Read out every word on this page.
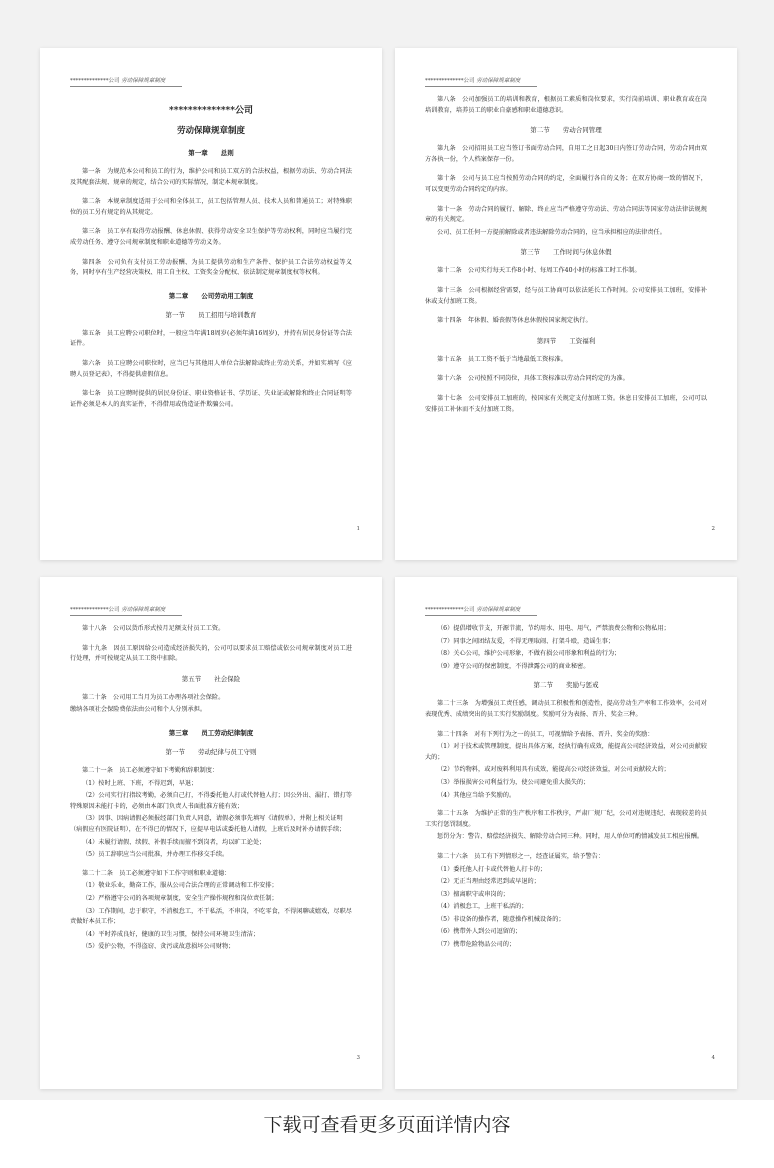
**************公司 劳动保障规章制度
**************公司
劳动保障规章制度
第一章　　总则

第一条　为规范本公司和员工的行为，维护公司和员工双方的合法权益，根据劳动法、劳动合同法及其配套法规、规章的规定，结合公司的实际情况，制定本规章制度。

第二条　本规章制度适用于公司和全体员工，员工包括管理人员、技术人员和普通员工；对特殊职位的员工另有规定的从其规定。

第三条　员工享有取得劳动报酬、休息休假、获得劳动安全卫生保护等劳动权利，同时应当履行完成劳动任务、遵守公司规章制度和职业道德等劳动义务。

第四条　公司负有支付员工劳动报酬、为员工提供劳动和生产条件、保护员工合法劳动权益等义务，同时享有生产经营决策权、用工自主权、工资奖金分配权、依法制定规章制度权等权利。

第二章　　公司劳动用工制度
第一节　　员工招用与培训教育

第五条　员工应聘公司职位时，一般应当年满18周岁(必须年满16周岁)，并持有居民身份证等合法证件。

第六条　员工应聘公司职位时，应当已与其他用人单位合法解除或终止劳动关系，并如实填写《应聘人员登记表》，不得提供虚假信息。

第七条　员工应聘时提供的居民身份证、职业资格证书、学历证、失业证或解除和终止合同证明等证件必须是本人的真实证件，不得借用或伪造证件欺骗公司。

1
**************公司 劳动保障规章制度

第八条　公司加强员工的培训和教育，根据员工素质和岗位要求，实行岗前培训、职业教育或在岗培训教育，培养员工的职业自豪感和职业道德意识。

第二节　　劳动合同管理

第九条　公司招用员工应当签订书面劳动合同，自用工之日起30日内签订劳动合同，劳动合同由双方各执一份，个人档案保存一份。

第十条　公司与员工应当按照劳动合同的约定，全面履行各自的义务；在双方协商一致的情况下，可以变更劳动合同约定的内容。

第十一条　劳动合同的履行、解除、终止应当严格遵守劳动法、劳动合同法等国家劳动法律法规规章的有关规定。

公司、员工任何一方提前解除或者违法解除劳动合同的，应当承担相应的法律责任。

第三节　　工作时间与休息休假

第十二条　公司实行每天工作8小时、每周工作40小时的标准工时工作制。

第十三条　公司根据经营需要，经与员工协商可以依法延长工作时间。公司安排员工加班，安排补休或支付加班工资。

第十四条　年休假、婚丧假等休息休假按国家规定执行。

第四节　　工资福利

第十五条　员工工资不低于当地最低工资标准。

第十六条　公司按照不同岗位，具体工资标准以劳动合同约定的为准。

第十七条　公司安排员工加班的，按国家有关规定支付加班工资。休息日安排员工加班，公司可以安排员工补休而不支付加班工资。

2
**************公司 劳动保障规章制度

第十八条　公司以货币形式按月足额支付员工工资。

第十九条　因员工原因给公司造成经济损失的，公司可以要求员工赔偿或依公司规章制度对员工进行处理，并可按规定从员工工资中扣除。

第五节　　社会保险

第二十条　公司用工当月为员工办理各项社会保险。

缴纳各项社会保险费依法由公司和个人分别承担。

第三章　　员工劳动纪律制度
第一节　　劳动纪律与员工守则

第二十一条　员工必须遵守如下考勤和辞职制度：

（1）按时上班、下班，不得迟到，早退；

（2）公司实行打指纹考勤，必须自己打，不得委托他人打或代替他人打；因公外出、漏打、错打等特殊原因未能打卡的，必须由本部门负责人书面批准方能有效；

（3）因事、因病请假必须报经部门负责人同意，请假必须事先填写《请假单》，并附上相关证明（病假应有医院证明），在不得已的情况下，应提早电话或委托他人请假，上班后及时补办请假手续；

（4）未履行请假、续假、补假手续而擅不到岗者，均以旷工论处；

（5）员工辞职应当公司批准，并办理工作移交手续。

第二十二条　员工必须遵守如下工作守则和职业道德：

（1）敬业乐业，勤奋工作，服从公司合法合理的正常调动和工作安排；

（2）严格遵守公司的各项规章制度，安全生产操作规程和岗位责任制；

（3）工作期间，忠于职守，不消极怠工，不干私活，不串岗，不吃零食，不得闲聊或嬉戏，尽职尽责做好本员工作；

（4）平时养成良好，健康的卫生习惯，保持公司环境卫生清洁；

（5）爱护公物，不得盗窃、贪污或故意损坏公司财物；

3
**************公司 劳动保障规章制度

（6）提倡增收节支，开源节流，节约用水、用电、用气，严禁浪费公物和公物私用；

（7）同事之间团结友爱，不得无理取闹、打架斗殴，造谣生事；

（8）关心公司，维护公司形象，不做有损公司形象和利益的行为；

（9）遵守公司的保密制度，不得泄露公司的商业秘密。

第二节　　奖励与惩戒

第二十三条　为增强员工责任感，调动员工积极性和创造性，提高劳动生产率和工作效率，公司对表现优秀、成绩突出的员工实行奖励制度。奖励可分为表扬、晋升、奖金三种。

第二十四条　对有下列行为之一的员工，可视情给予表扬、晋升、奖金的奖励：

（1）对于技术或管理制度，提出具体方案，经执行确有成效，能提高公司经济效益，对公司贡献较大的；

（2）节约物料，或对废料利用具有成效，能提高公司经济效益，对公司贡献较大的；

（3）举报损害公司利益行为，使公司避免重大损失的；

（4）其他应当给予奖励的。

第二十五条　为维护正常的生产秩序和工作秩序，严肃厂规厂纪，公司对违规违纪、表现较差的员工实行惩罚制度。

惩罚分为：警告、赔偿经济损失、解除劳动合同三种。同时，用人单位可酌情减发员工相应报酬。

第二十六条　员工有下列情形之一，经查证属实，给予警告：

（1）委托他人打卡或代替他人打卡的；

（2）无正当理由经常迟到或早退的；

（3）擅离职守或串岗的；

（4）消极怠工，上班干私活的；

（5）非设备的操作者，随意操作机械设备的；

（6）携带外人到公司逗留的；

（7）携带危险物品公司的；

4
下载可查看更多页面详情内容
